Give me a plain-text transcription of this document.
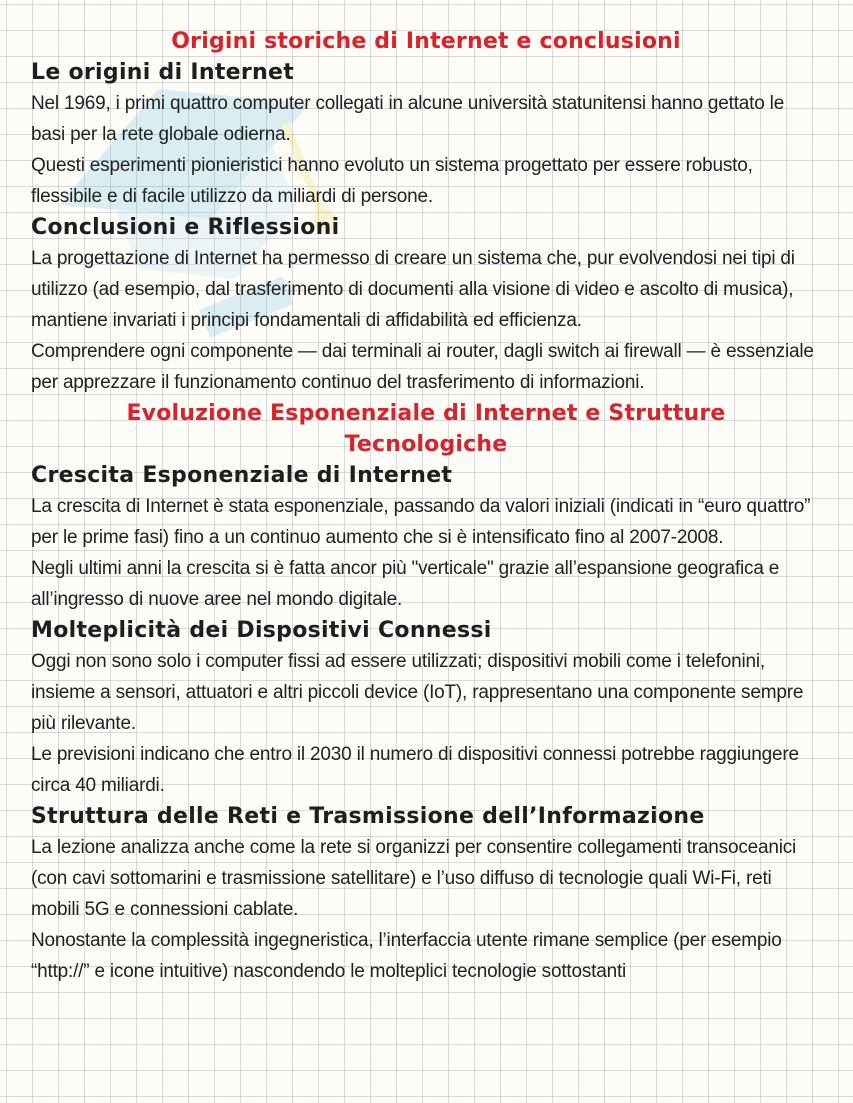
Origini storiche di Internet e conclusioni
Le origini di Internet

Nel 1969, i primi quattro computer collegati in alcune università statunitensi hanno gettato le basi per la rete globale odierna.

Questi esperimenti pionieristici hanno evoluto un sistema progettato per essere robusto, flessibile e di facile utilizzo da miliardi di persone.

Conclusioni e Riflessioni

La progettazione di Internet ha permesso di creare un sistema che, pur evolvendosi nei tipi di utilizzo (ad esempio, dal trasferimento di documenti alla visione di video e ascolto di musica), mantiene invariati i principi fondamentali di affidabilità ed efficienza.

Comprendere ogni componente — dai terminali ai router, dagli switch ai firewall — è essenziale per apprezzare il funzionamento continuo del trasferimento di informazioni.

Evoluzione Esponenziale di Internet e Strutture Tecnologiche
Crescita Esponenziale di Internet

La crescita di Internet è stata esponenziale, passando da valori iniziali (indicati in “euro quattro” per le prime fasi) fino a un continuo aumento che si è intensificato fino al 2007-2008.

Negli ultimi anni la crescita si è fatta ancor più "verticale" grazie all’espansione geografica e all’ingresso di nuove aree nel mondo digitale.

Molteplicità dei Dispositivi Connessi

Oggi non sono solo i computer fissi ad essere utilizzati; dispositivi mobili come i telefonini, insieme a sensori, attuatori e altri piccoli device (IoT), rappresentano una componente sempre più rilevante.

Le previsioni indicano che entro il 2030 il numero di dispositivi connessi potrebbe raggiungere circa 40 miliardi.

Struttura delle Reti e Trasmissione dell’Informazione

La lezione analizza anche come la rete si organizzi per consentire collegamenti transoceanici (con cavi sottomarini e trasmissione satellitare) e l’uso diffuso di tecnologie quali Wi-Fi, reti mobili 5G e connessioni cablate.

Nonostante la complessità ingegneristica, l’interfaccia utente rimane semplice (per esempio “http://” e icone intuitive) nascondendo le molteplici tecnologie sottostanti
